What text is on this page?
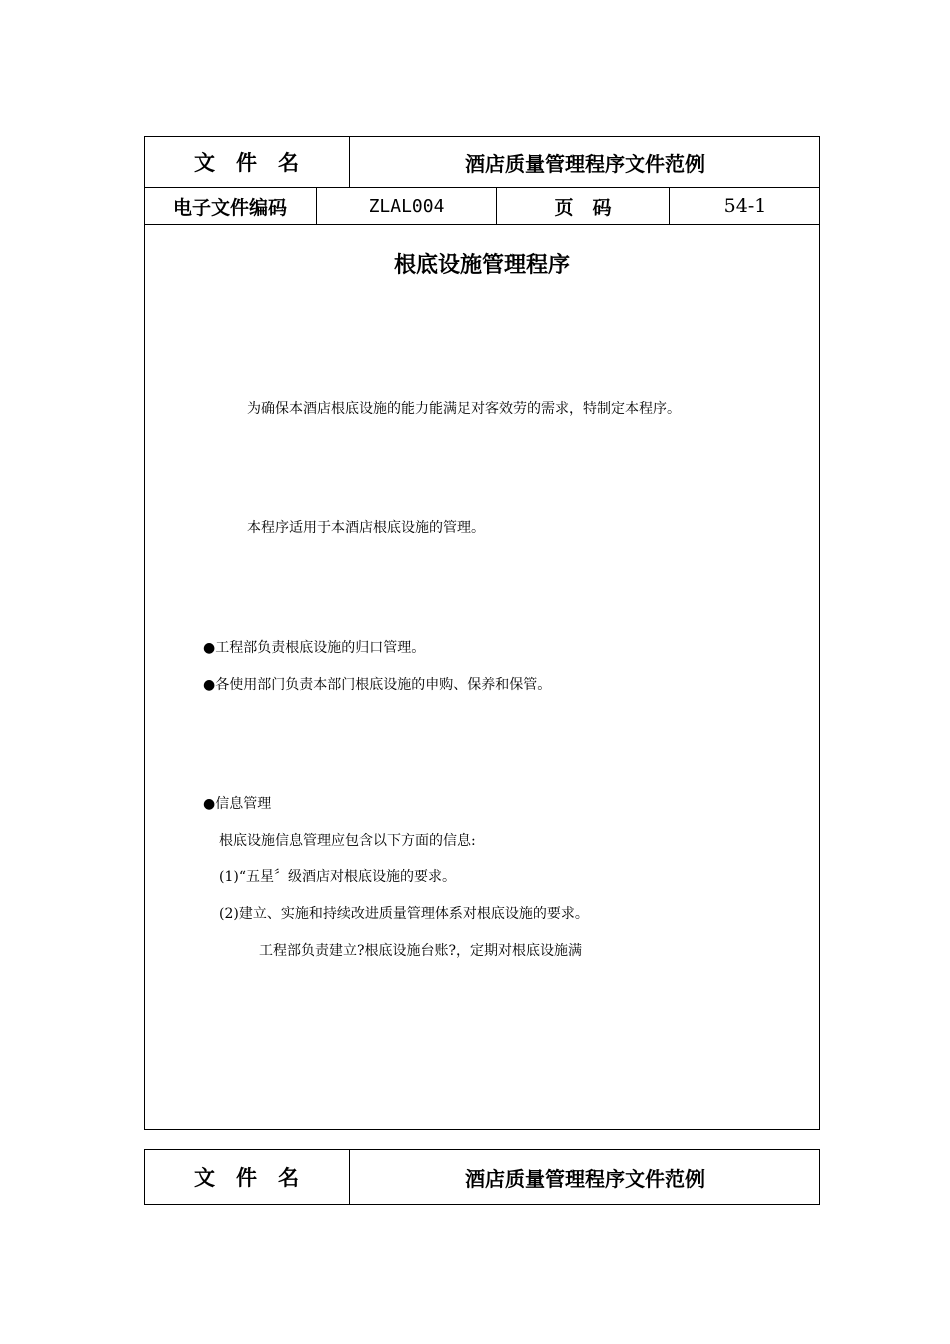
文　件　名	酒店质量管理程序文件范例
电子文件编码	ZLAL004	页　码	54-1
根底设施管理程序
为确保本酒店根底设施的能力能满足对客效劳的需求，特制定本程序。
本程序适用于本酒店根底设施的管理。
●工程部负责根底设施的归口管理。
●各使用部门负责本部门根底设施的申购、保养和保管。
●信息管理
根底设施信息管理应包含以下方面的信息:
(1)“五星〞级酒店对根底设施的要求。
(2)建立、实施和持续改进质量管理体系对根底设施的要求。
工程部负责建立?根底设施台账?，定期对根底设施满
文　件　名	酒店质量管理程序文件范例
